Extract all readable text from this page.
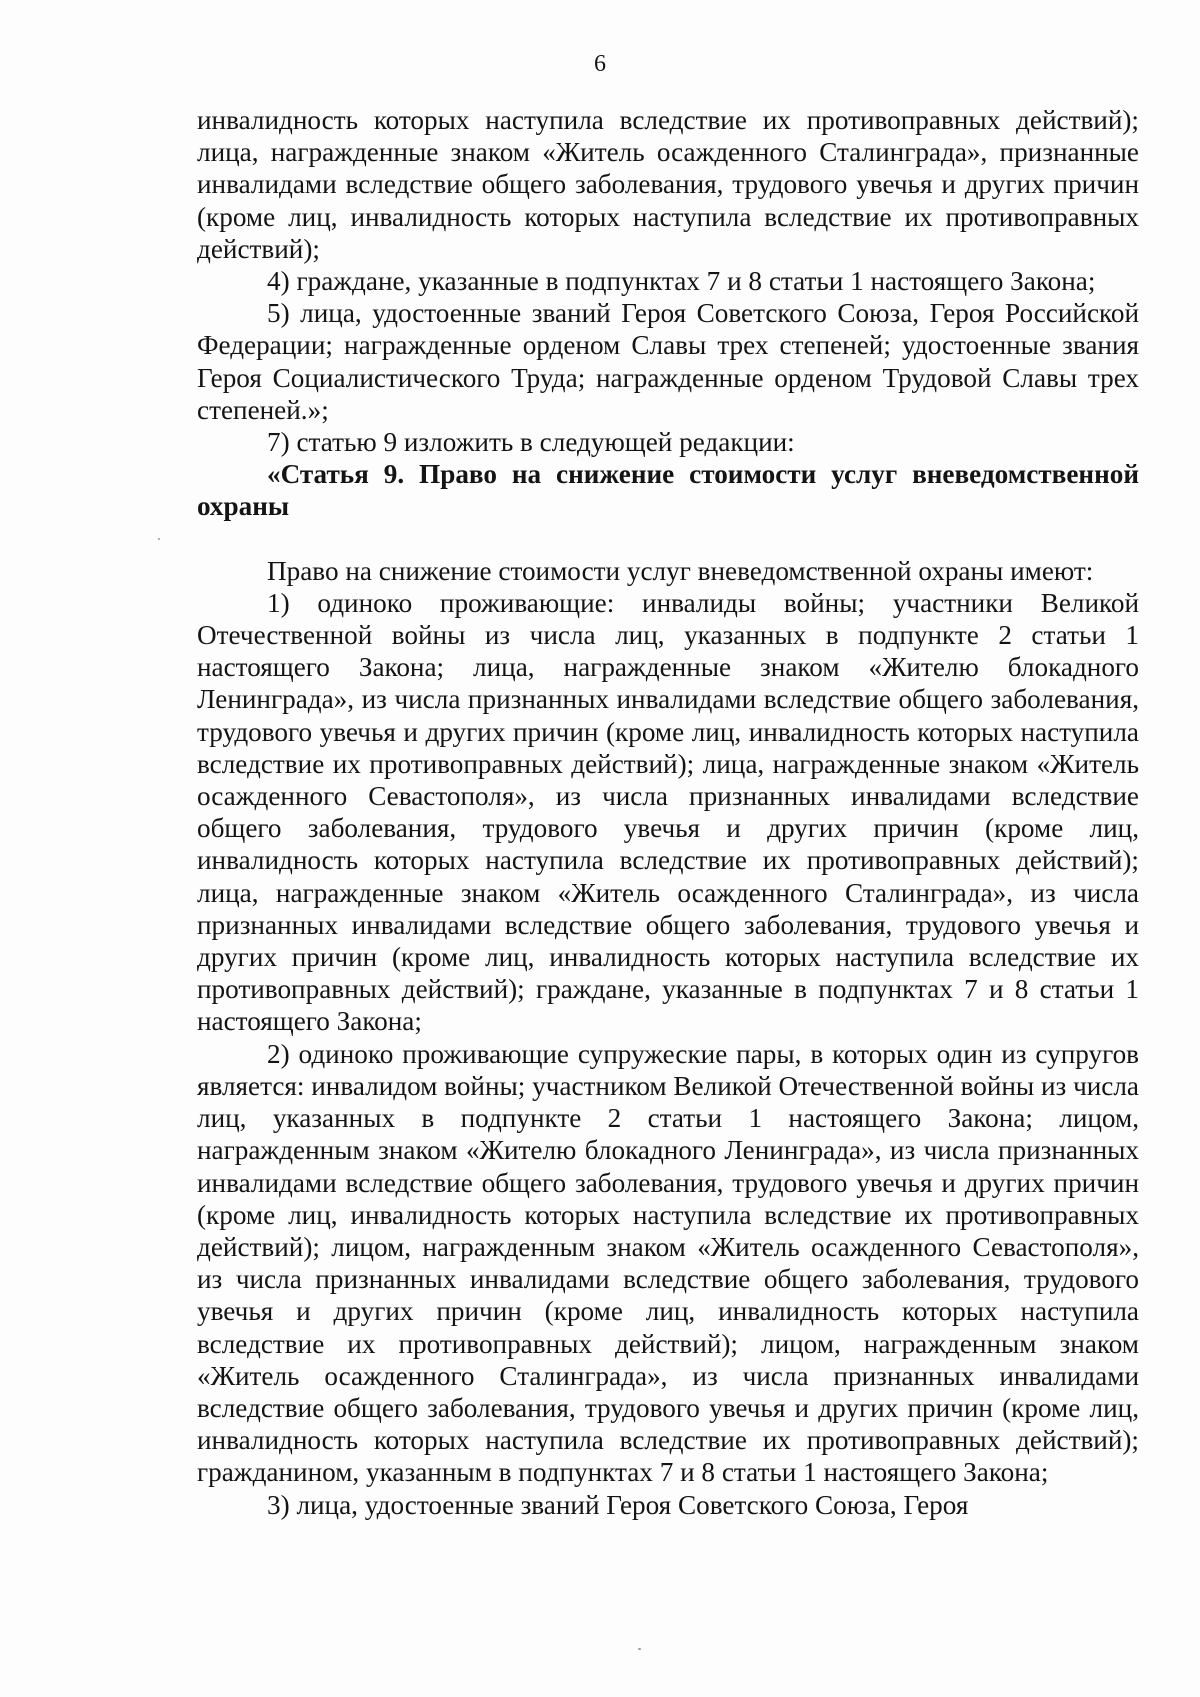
6

инвалидность которых наступила вследствие их противоправных действий); лица, награжденные знаком «Житель осажденного Сталинграда», признанные инвалидами вследствие общего заболевания, трудового увечья и других причин (кроме лиц, инвалидность которых наступила вследствие их противоправных действий);

4) граждане, указанные в подпунктах 7 и 8 статьи 1 настоящего Закона;

5) лица, удостоенные званий Героя Советского Союза, Героя Российской Федерации; награжденные орденом Славы трех степеней; удостоенные звания Героя Социалистического Труда; награжденные орденом Трудовой Славы трех степеней.»;

7) статью 9 изложить в следующей редакции:

«Статья 9. Право на снижение стоимости услуг вневедомственной охраны

Право на снижение стоимости услуг вневедомственной охраны имеют:

1) одиноко проживающие: инвалиды войны; участники Великой Отечественной войны из числа лиц, указанных в подпункте 2 статьи 1 настоящего Закона; лица, награжденные знаком «Жителю блокадного Ленинграда», из числа признанных инвалидами вследствие общего заболевания, трудового увечья и других причин (кроме лиц, инвалидность которых наступила вследствие их противоправных действий); лица, награжденные знаком «Житель осажденного Севастополя», из числа признанных инвалидами вследствие общего заболевания, трудового увечья и других причин (кроме лиц, инвалидность которых наступила вследствие их противоправных действий); лица, награжденные знаком «Житель осажденного Сталинграда», из числа признанных инвалидами вследствие общего заболевания, трудового увечья и других причин (кроме лиц, инвалидность которых наступила вследствие их противоправных действий); граждане, указанные в подпунктах 7 и 8 статьи 1 настоящего Закона;

2) одиноко проживающие супружеские пары, в которых один из супругов является: инвалидом войны; участником Великой Отечественной войны из числа лиц, указанных в подпункте 2 статьи 1 настоящего Закона; лицом, награжденным знаком «Жителю блокадного Ленинграда», из числа признанных инвалидами вследствие общего заболевания, трудового увечья и других причин (кроме лиц, инвалидность которых наступила вследствие их противоправных действий); лицом, награжденным знаком «Житель осажденного Севастополя», из числа признанных инвалидами вследствие общего заболевания, трудового увечья и других причин (кроме лиц, инвалидность которых наступила вследствие их противоправных действий); лицом, награжденным знаком «Житель осажденного Сталинграда», из числа признанных инвалидами вследствие общего заболевания, трудового увечья и других причин (кроме лиц, инвалидность которых наступила вследствие их противоправных действий); гражданином, указанным в подпунктах 7 и 8 статьи 1 настоящего Закона;

3) лица, удостоенные званий Героя Советского Союза, Героя
